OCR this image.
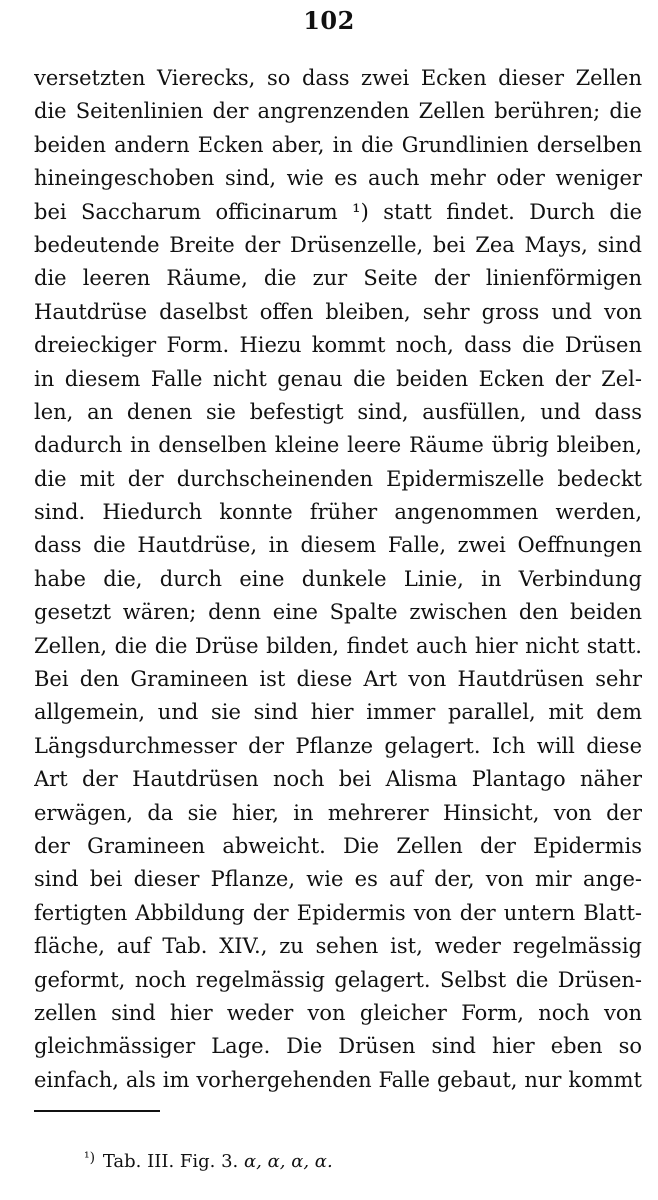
102
versetzten Vierecks, so dass zwei Ecken dieser Zellen
die Seitenlinien der angrenzenden Zellen berühren; die
beiden andern Ecken aber, in die Grundlinien derselben
hineingeschoben sind, wie es auch mehr oder weniger
bei Saccharum officinarum ¹) statt findet. Durch die
bedeutende Breite der Drüsenzelle, bei Zea Mays, sind
die leeren Räume, die zur Seite der linienförmigen
Hautdrüse daselbst offen bleiben, sehr gross und von
dreieckiger Form. Hiezu kommt noch, dass die Drüsen
in diesem Falle nicht genau die beiden Ecken der Zel-
len, an denen sie befestigt sind, ausfüllen, und dass
dadurch in denselben kleine leere Räume übrig bleiben,
die mit der durchscheinenden Epidermiszelle bedeckt
sind. Hiedurch konnte früher angenommen werden,
dass die Hautdrüse, in diesem Falle, zwei Oeffnungen
habe die, durch eine dunkele Linie, in Verbindung
gesetzt wären; denn eine Spalte zwischen den beiden
Zellen, die die Drüse bilden, findet auch hier nicht statt.
Bei den Gramineen ist diese Art von Hautdrüsen sehr
allgemein, und sie sind hier immer parallel, mit dem
Längsdurchmesser der Pflanze gelagert. Ich will diese
Art der Hautdrüsen noch bei Alisma Plantago näher
erwägen, da sie hier, in mehrerer Hinsicht, von der
der Gramineen abweicht. Die Zellen der Epidermis
sind bei dieser Pflanze, wie es auf der, von mir ange-
fertigten Abbildung der Epidermis von der untern Blatt-
fläche, auf Tab. XIV., zu sehen ist, weder regelmässig
geformt, noch regelmässig gelagert. Selbst die Drüsen-
zellen sind hier weder von gleicher Form, noch von
gleichmässiger Lage. Die Drüsen sind hier eben so
einfach, als im vorhergehenden Falle gebaut, nur kommt
$^{^1)}$ Tab. III. Fig. 3. α, α, α, α.
